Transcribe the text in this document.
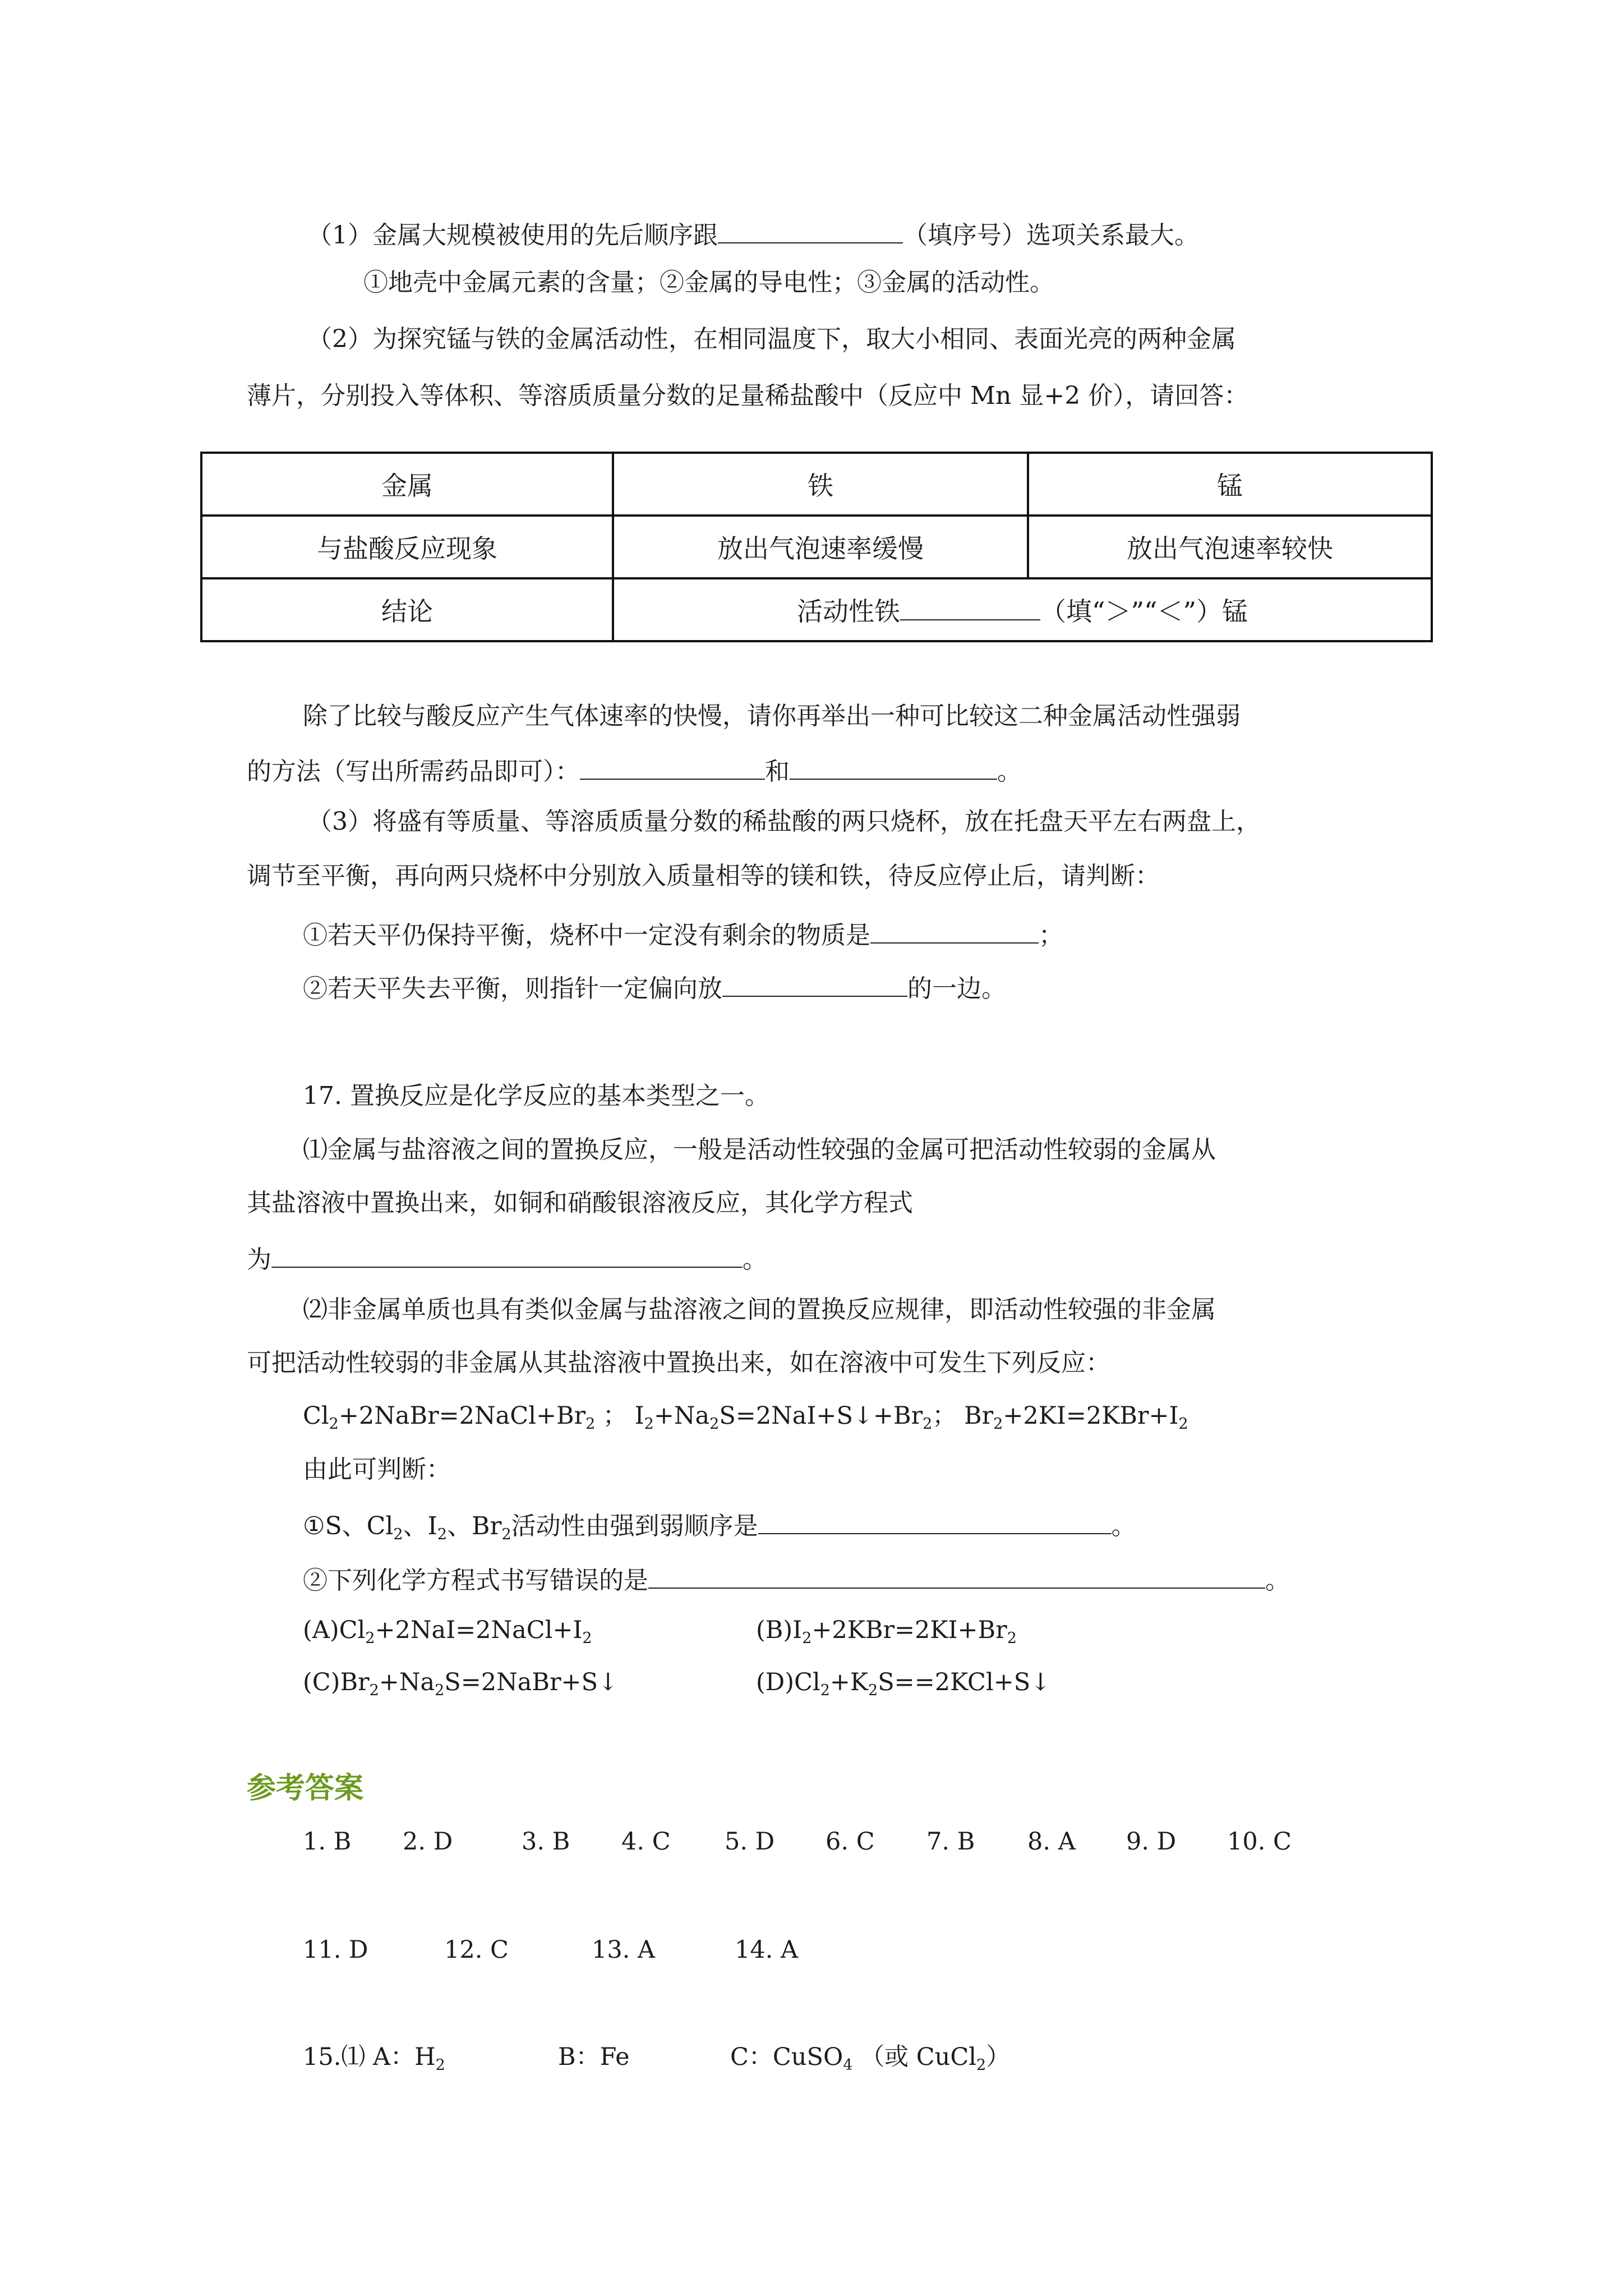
（1）金属大规模被使用的先后顺序跟	（填序号）选项关系最大。
①地壳中金属元素的含量；②金属的导电性；③金属的活动性。
（2）为探究锰与铁的金属活动性，在相同温度下，取大小相同、表面光亮的两种金属
薄片，分别投入等体积、等溶质质量分数的足量稀盐酸中（反应中 Mn 显+2 价），请回答：
金属	铁	锰
与盐酸反应现象	放出气泡速率缓慢	放出气泡速率较快
结论	活动性铁 （填“＞”“＜”）锰	
除了比较与酸反应产生气体速率的快慢，请你再举出一种可比较这二种金属活动性强弱
的方法（写出所需药品即可）：	和	。
（3）将盛有等质量、等溶质质量分数的稀盐酸的两只烧杯，放在托盘天平左右两盘上，
调节至平衡，再向两只烧杯中分别放入质量相等的镁和铁，待反应停止后，请判断：
①若天平仍保持平衡，烧杯中一定没有剩余的物质是	；
②若天平失去平衡，则指针一定偏向放	的一边。
17. 置换反应是化学反应的基本类型之一。
⑴金属与盐溶液之间的置换反应，一般是活动性较强的金属可把活动性较弱的金属从
其盐溶液中置换出来，如铜和硝酸银溶液反应，其化学方程式
为	。
⑵非金属单质也具有类似金属与盐溶液之间的置换反应规律，即活动性较强的非金属
可把活动性较弱的非金属从其盐溶液中置换出来，如在溶液中可发生下列反应：
$Cl_2+2NaBr=2NaCl+Br_2$ ； $I_2+Na_2S=2NaI+S↓+Br_2$； $Br_2+2KI=2KBr+I_2$
由此可判断：
①S、$Cl_2$、$I_2$、$Br_2$活动性由强到弱顺序是	。
②下列化学方程式书写错误的是	。
$(A)Cl_2+2NaI=2NaCl+I_2$	$(B)I_2+2KBr=2KI+Br_2$
$(C)Br_2+Na_2S=2NaBr+S↓$	$(D)Cl_2+K_2S==2KCl+S↓$
参考答案
1. B 2. D	3. B 4. C 5. D 6. C 7. B 8. A 9. D 10. C
11. D	12. C	13. A	14. A
15.⑴ A：$H_2$	B：Fe	C：CuSO$_4$ （或 CuCl$_2$）
